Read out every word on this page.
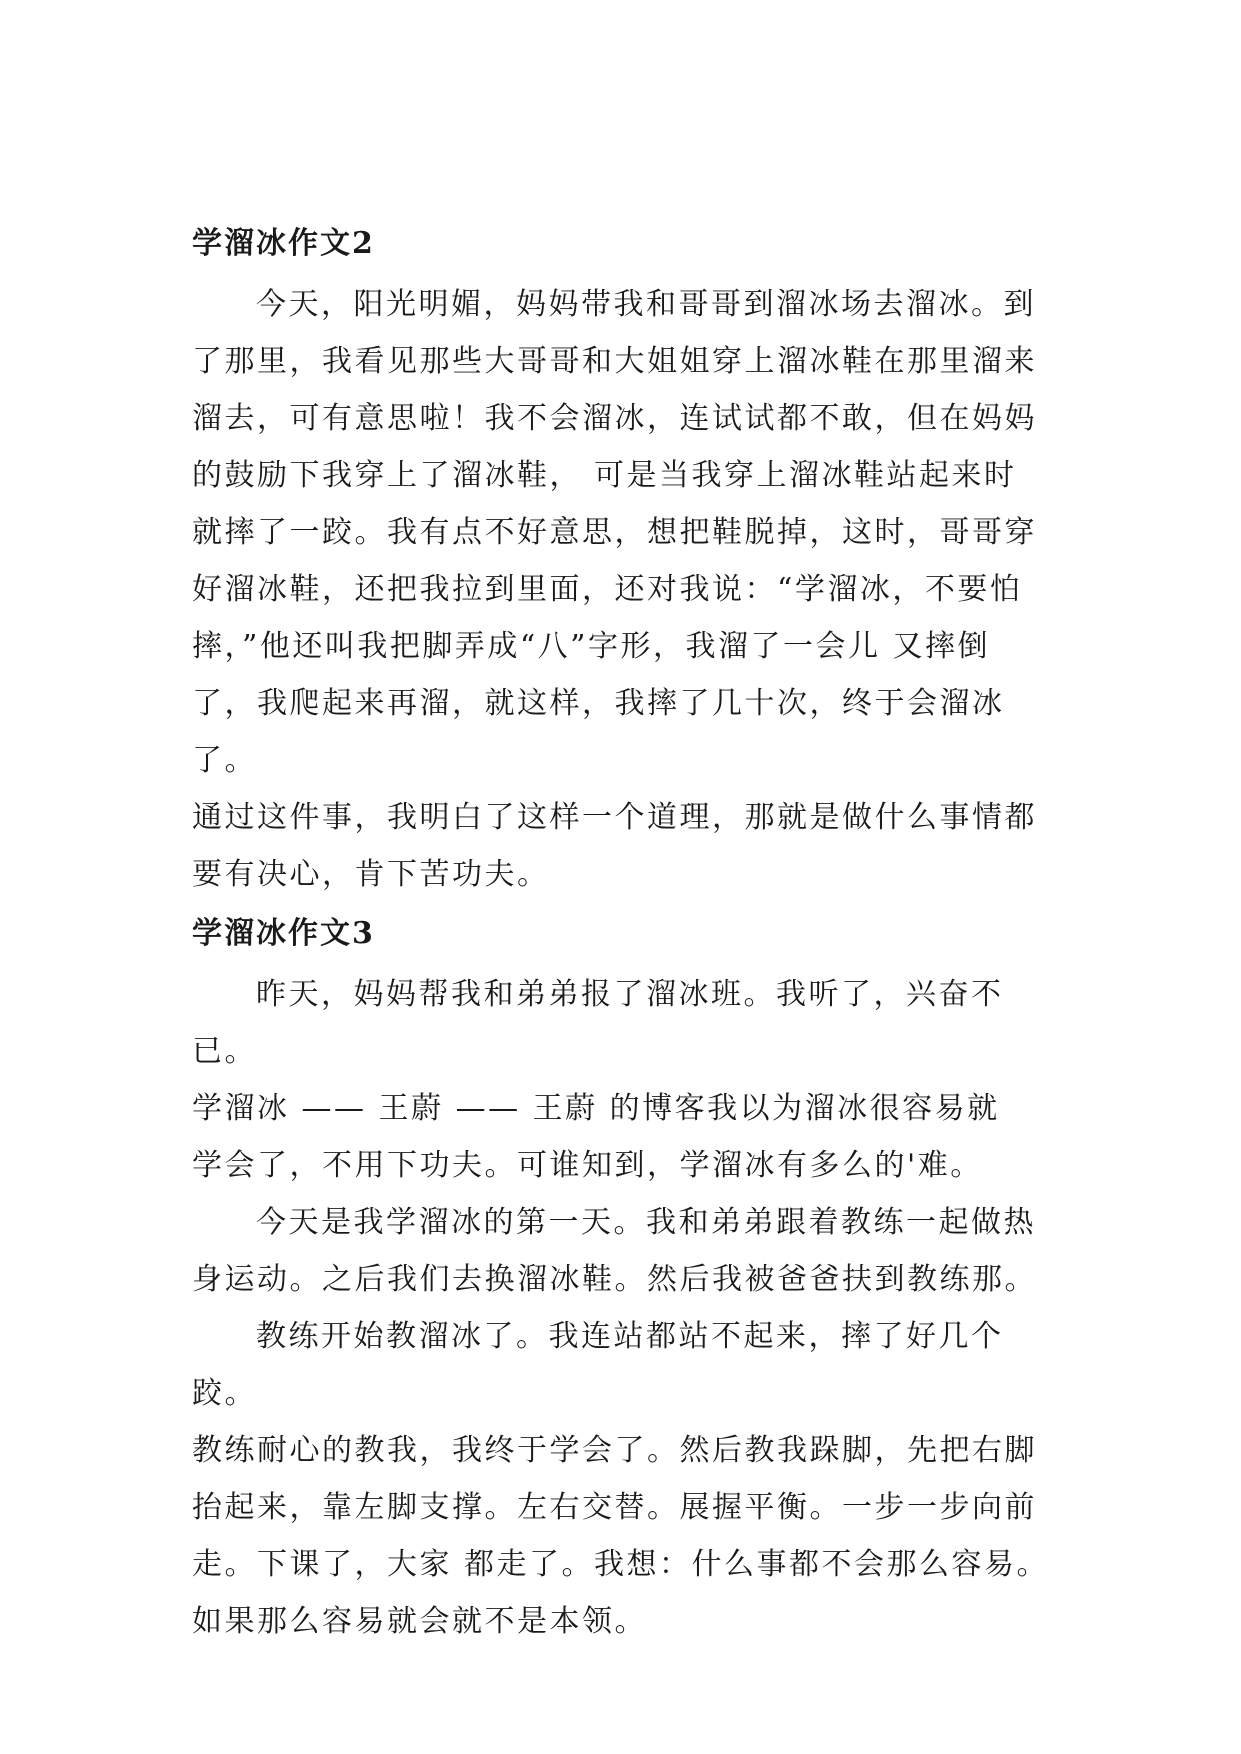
学溜冰作文2

今天，阳光明媚，妈妈带我和哥哥到溜冰场去溜冰。到
了那里，我看见那些大哥哥和大姐姐穿上溜冰鞋在那里溜来
溜去，可有意思啦！我不会溜冰，连试试都不敢，但在妈妈
的鼓励下我穿上了溜冰鞋， 可是当我穿上溜冰鞋站起来时
就摔了一跤。我有点不好意思，想把鞋脱掉，这时，哥哥穿
好溜冰鞋，还把我拉到里面，还对我说：“学溜冰，不要怕
摔，”他还叫我把脚弄成“八”字形，我溜了一会儿 又摔倒
了，我爬起来再溜，就这样，我摔了几十次，终于会溜冰了。
通过这件事，我明白了这样一个道理，那就是做什么事情都
要有决心，肯下苦功夫。

学溜冰作文3

昨天，妈妈帮我和弟弟报了溜冰班。我听了，兴奋不已。
学溜冰 —— 王蔚 —— 王蔚 的博客我以为溜冰很容易就
学会了，不用下功夫。可谁知到，学溜冰有多么的'难。

今天是我学溜冰的第一天。我和弟弟跟着教练一起做热
身运动。之后我们去换溜冰鞋。然后我被爸爸扶到教练那。

教练开始教溜冰了。我连站都站不起来，摔了好几个跤。
教练耐心的教我，我终于学会了。然后教我跺脚，先把右脚
抬起来，靠左脚支撑。左右交替。展握平衡。一步一步向前
走。下课了，大家 都走了。我想：什么事都不会那么容易。
如果那么容易就会就不是本领。
